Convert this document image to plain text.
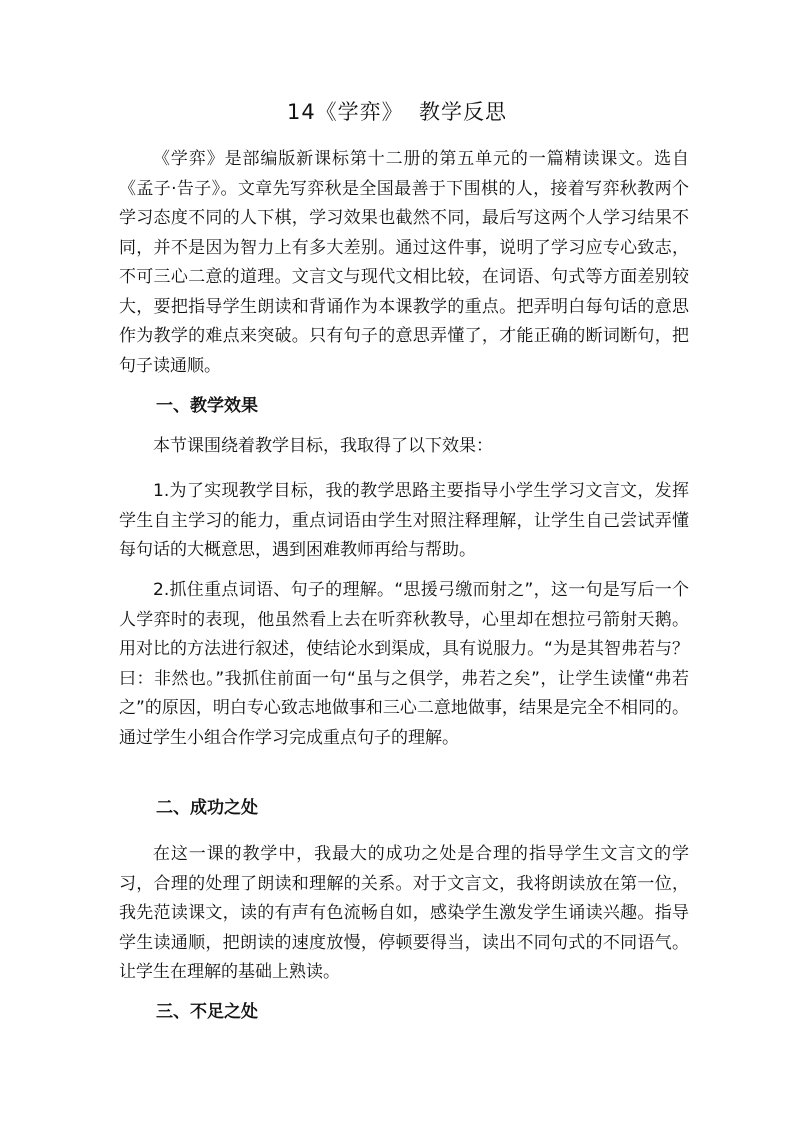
14《学弈》  教学反思

《学弈》是部编版新课标第十二册的第五单元的一篇精读课文。选自《孟子·告子》。文章先写弈秋是全国最善于下围棋的人，接着写弈秋教两个学习态度不同的人下棋，学习效果也截然不同，最后写这两个人学习结果不同，并不是因为智力上有多大差别。通过这件事，说明了学习应专心致志，不可三心二意的道理。文言文与现代文相比较，在词语、句式等方面差别较大，要把指导学生朗读和背诵作为本课教学的重点。把弄明白每句话的意思作为教学的难点来突破。只有句子的意思弄懂了，才能正确的断词断句，把句子读通顺。

一、教学效果

本节课围绕着教学目标，我取得了以下效果：

1.为了实现教学目标，我的教学思路主要指导小学生学习文言文，发挥学生自主学习的能力，重点词语由学生对照注释理解，让学生自己尝试弄懂每句话的大概意思，遇到困难教师再给与帮助。

2.抓住重点词语、句子的理解。“思援弓缴而射之”，这一句是写后一个人学弈时的表现，他虽然看上去在听弈秋教导，心里却在想拉弓箭射天鹅。用对比的方法进行叙述，使结论水到渠成，具有说服力。“为是其智弗若与？曰：非然也。”我抓住前面一句“虽与之俱学，弗若之矣”，让学生读懂“弗若之”的原因，明白专心致志地做事和三心二意地做事，结果是完全不相同的。通过学生小组合作学习完成重点句子的理解。

二、成功之处

在这一课的教学中，我最大的成功之处是合理的指导学生文言文的学习，合理的处理了朗读和理解的关系。对于文言文，我将朗读放在第一位，我先范读课文，读的有声有色流畅自如，感染学生激发学生诵读兴趣。指导学生读通顺，把朗读的速度放慢，停顿要得当，读出不同句式的不同语气。让学生在理解的基础上熟读。

三、不足之处
